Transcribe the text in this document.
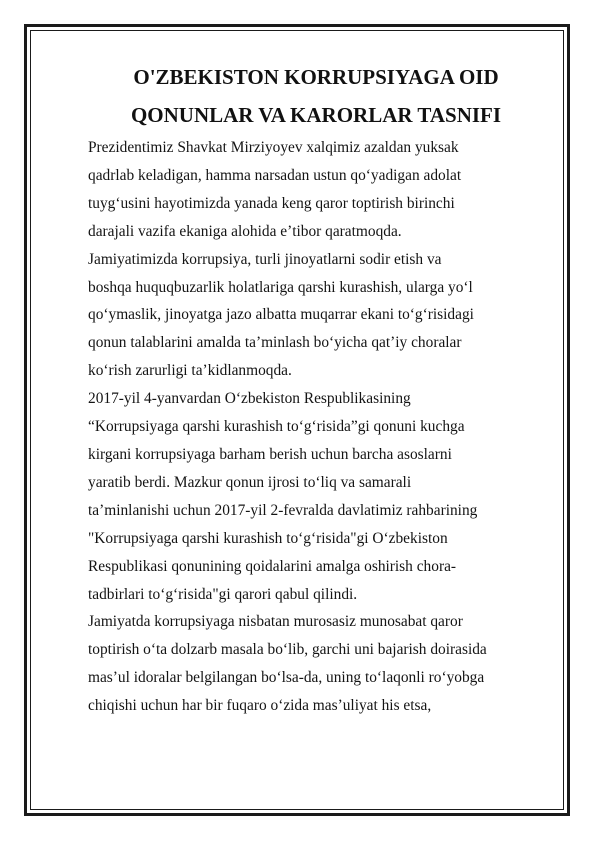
O'ZBEKISTON KORRUPSIYAGA OID
QONUNLAR VA KARORLAR TASNIFI
Prezidentimiz Shavkat Mirziyoyev xalqimiz azaldan yuksak
qadrlab keladigan, hamma narsadan ustun qoʻyadigan adolat
tuygʻusini hayotimizda yanada keng qaror toptirish birinchi
darajali vazifa ekaniga alohida eʼtibor qaratmoqda.
Jamiyatimizda korrupsiya, turli jinoyatlarni sodir etish va
boshqa huquqbuzarlik holatlariga qarshi kurashish, ularga yoʻl
qoʻymaslik, jinoyatga jazo albatta muqarrar ekani toʻgʻrisidagi
qonun talablarini amalda taʼminlash boʻyicha qatʼiy choralar
koʻrish zarurligi taʼkidlanmoqda.
2017-yil 4-yanvardan Oʻzbekiston Respublikasining
“Korrupsiyaga qarshi kurashish toʻgʻrisida”gi qonuni kuchga
kirgani korrupsiyaga barham berish uchun barcha asoslarni
yaratib berdi. Mazkur qonun ijrosi toʻliq va samarali
taʼminlanishi uchun 2017-yil 2-fevralda davlatimiz rahbarining
"Korrupsiyaga qarshi kurashish toʻgʻrisida"gi Oʻzbekiston
Respublikasi qonunining qoidalarini amalga oshirish chora-
tadbirlari toʻgʻrisida"gi qarori qabul qilindi.
Jamiyatda korrupsiyaga nisbatan murosasiz munosabat qaror
toptirish oʻta dolzarb masala boʻlib, garchi uni bajarish doirasida
masʼul idoralar belgilangan boʻlsa-da, uning toʻlaqonli roʻyobga
chiqishi uchun har bir fuqaro oʻzida masʼuliyat his etsa,
